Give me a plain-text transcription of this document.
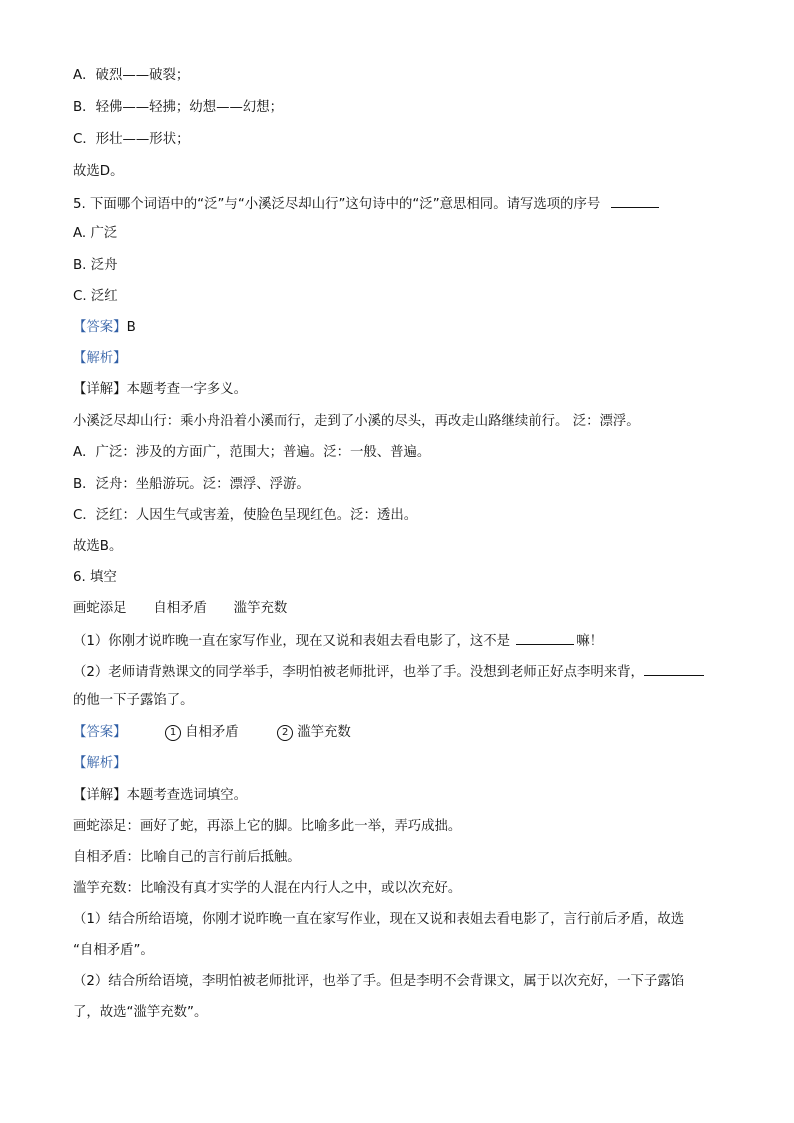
A．破烈——破裂；
B．轻佛——轻拂；幼想——幻想；
C．形壮——形状；
故选D。
5. 下面哪个词语中的“泛”与“小溪泛尽却山行”这句诗中的“泛”意思相同。请写选项的序号
A. 广泛
B. 泛舟
C. 泛红
【答案】B
【解析】
【详解】本题考查一字多义。
小溪泛尽却山行：乘小舟沿着小溪而行，走到了小溪的尽头，再改走山路继续前行。 泛：漂浮。
A．广泛：涉及的方面广，范围大；普遍。泛：一般、普遍。
B．泛舟：坐船游玩。泛：漂浮、浮游。
C．泛红：人因生气或害羞，使脸色呈现红色。泛：透出。
故选B。
6. 填空
画蛇添足　　自相矛盾　　滥竽充数
（1）你刚才说昨晚一直在家写作业，现在又说和表姐去看电影了，这不是	嘛！
（2）老师请背熟课文的同学举手，李明怕被老师批评，也举了手。没想到老师正好点李明来背，
的他一下子露馅了。
【答案】	1 自相矛盾	2 滥竽充数
【解析】
【详解】本题考查选词填空。
画蛇添足：画好了蛇，再添上它的脚。比喻多此一举，弄巧成拙。
自相矛盾：比喻自己的言行前后抵触。
滥竽充数：比喻没有真才实学的人混在内行人之中，或以次充好。
（1）结合所给语境，你刚才说昨晚一直在家写作业，现在又说和表姐去看电影了，言行前后矛盾，故选
“自相矛盾”。
（2）结合所给语境，李明怕被老师批评，也举了手。但是李明不会背课文，属于以次充好，一下子露馅
了，故选“滥竽充数”。
